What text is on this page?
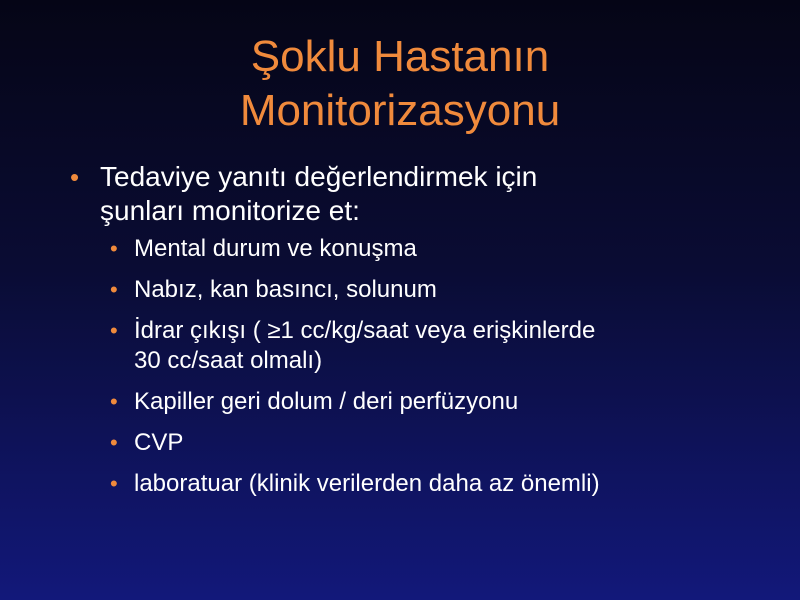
Şoklu Hastanın
Monitorizasyonu
• Tedaviye yanıtı değerlendirmek için
şunları monitorize et:
• Mental durum ve konuşma
• Nabız, kan basıncı, solunum
• İdrar çıkışı ( ≥1 cc/kg/saat veya erişkinlerde
30 cc/saat olmalı)
• Kapiller geri dolum / deri perfüzyonu
• CVP
• laboratuar (klinik verilerden daha az önemli)
